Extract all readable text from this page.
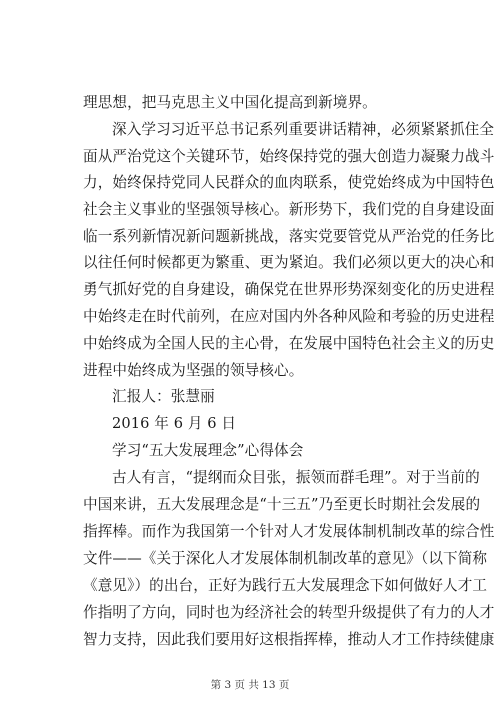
理思想，把马克思主义中国化提高到新境界。
深入学习习近平总书记系列重要讲话精神，必须紧紧抓住全
面从严治党这个关键环节，始终保持党的强大创造力凝聚力战斗
力，始终保持党同人民群众的血肉联系，使党始终成为中国特色
社会主义事业的坚强领导核心。新形势下，我们党的自身建设面
临一系列新情况新问题新挑战，落实党要管党从严治党的任务比
以往任何时候都更为繁重、更为紧迫。我们必须以更大的决心和
勇气抓好党的自身建设，确保党在世界形势深刻变化的历史进程
中始终走在时代前列，在应对国内外各种风险和考验的历史进程
中始终成为全国人民的主心骨，在发展中国特色社会主义的历史
进程中始终成为坚强的领导核心。
汇报人：张慧丽
2016 年 6 月 6 日
学习“五大发展理念”心得体会
古人有言，“提纲而众目张，振领而群毛理”。对于当前的
中国来讲，五大发展理念是“十三五”乃至更长时期社会发展的
指挥棒。而作为我国第一个针对人才发展体制机制改革的综合性
文件——《关于深化人才发展体制机制改革的意见》（以下简称
《意见》）的出台，正好为践行五大发展理念下如何做好人才工
作指明了方向，同时也为经济社会的转型升级提供了有力的人才
智力支持，因此我们要用好这根指挥棒，推动人才工作持续健康
第 3 页 共 13 页
